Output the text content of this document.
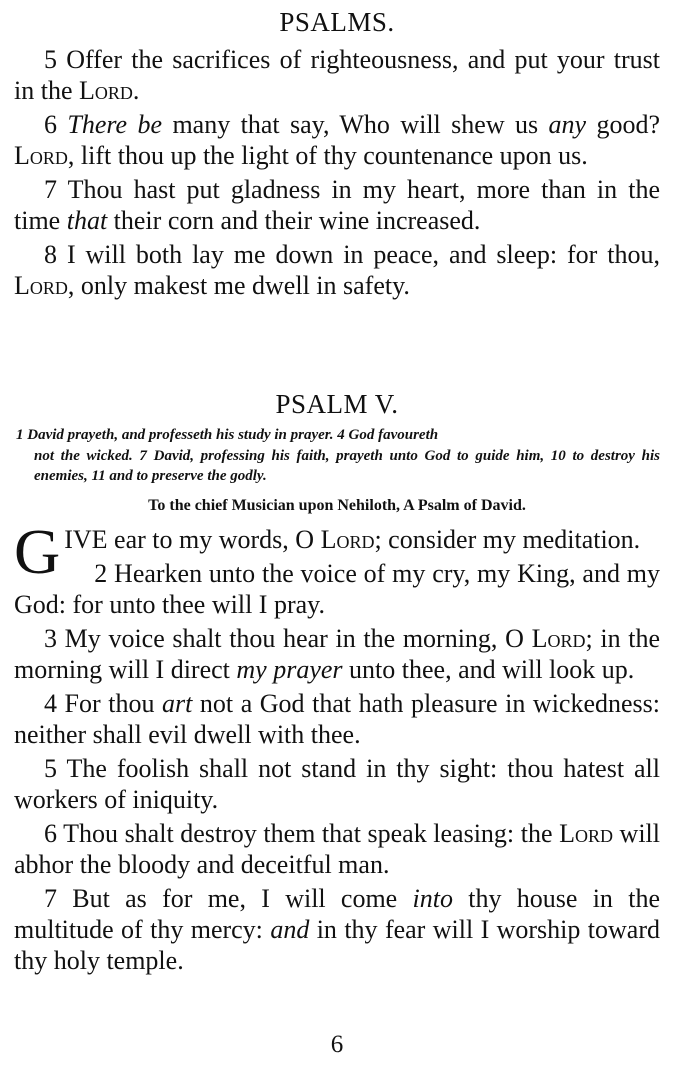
PSALMS.

5 Offer the sacrifices of righteousness, and put your trust in the Lord.

6 There be many that say, Who will shew us any good? Lord, lift thou up the light of thy countenance upon us.

7 Thou hast put gladness in my heart, more than in the time that their corn and their wine increased.

8 I will both lay me down in peace, and sleep: for thou, Lord, only makest me dwell in safety.

PSALM V.
1 David prayeth, and professeth his study in prayer. 4 God favoureth
not the wicked. 7 David, professing his faith, prayeth unto God to guide him, 10 to destroy his enemies, 11 and to preserve the godly.
To the chief Musician upon Nehiloth, A Psalm of David.

GIVE ear to my words, O Lord; consider my meditation.

2 Hearken unto the voice of my cry, my King, and my God: for unto thee will I pray.

3 My voice shalt thou hear in the morning, O Lord; in the morning will I direct my prayer unto thee, and will look up.

4 For thou art not a God that hath pleasure in wickedness: neither shall evil dwell with thee.

5 The foolish shall not stand in thy sight: thou hatest all workers of iniquity.

6 Thou shalt destroy them that speak leasing: the Lord will abhor the bloody and deceitful man.

7 But as for me, I will come into thy house in the multitude of thy mercy: and in thy fear will I worship toward thy holy temple.

6
